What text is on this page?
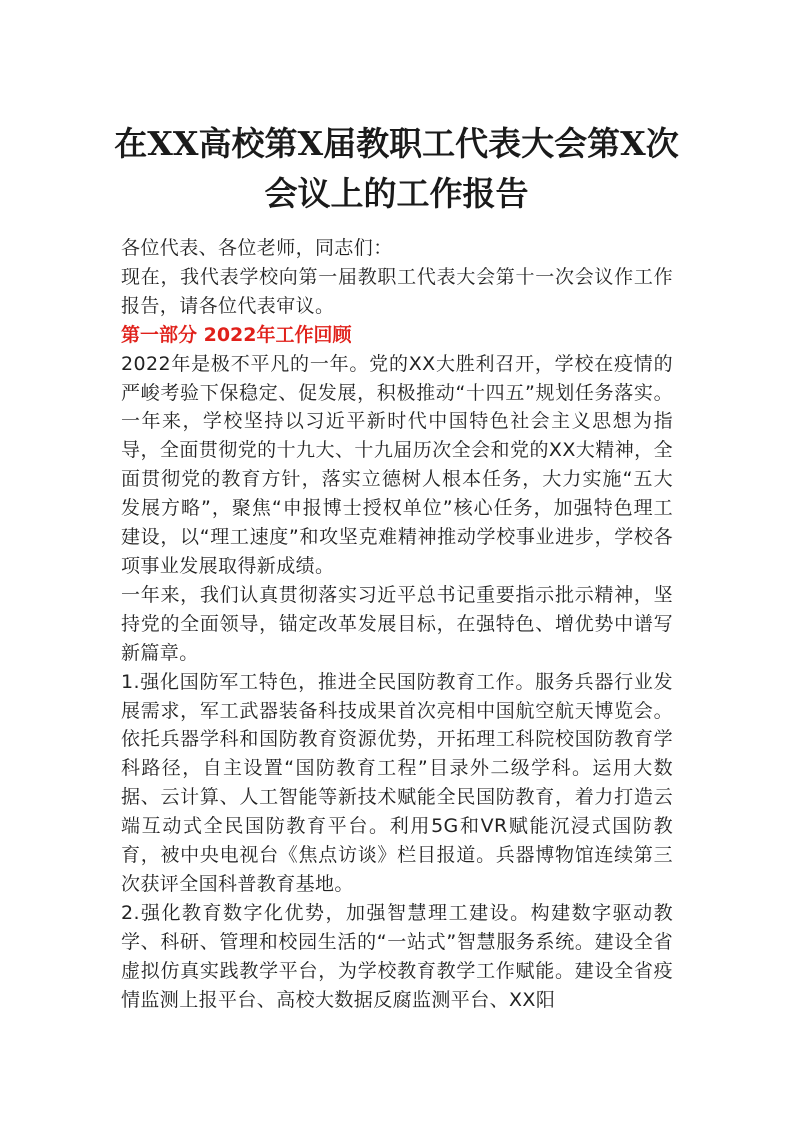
在XX高校第X届教职工代表大会第X次
会议上的工作报告

各位代表、各位老师，同志们：

现在，我代表学校向第一届教职工代表大会第十一次会议作工作报告，请各位代表审议。

第一部分 2022年工作回顾

2022年是极不平凡的一年。党的XX大胜利召开，学校在疫情的严峻考验下保稳定、促发展，积极推动“十四五”规划任务落实。一年来，学校坚持以习近平新时代中国特色社会主义思想为指导，全面贯彻党的十九大、十九届历次全会和党的XX大精神，全面贯彻党的教育方针，落实立德树人根本任务，大力实施“五大发展方略”，聚焦“申报博士授权单位”核心任务，加强特色理工建设，以“理工速度”和攻坚克难精神推动学校事业进步，学校各项事业发展取得新成绩。

一年来，我们认真贯彻落实习近平总书记重要指示批示精神，坚持党的全面领导，锚定改革发展目标，在强特色、增优势中谱写新篇章。

1.强化国防军工特色，推进全民国防教育工作。服务兵器行业发展需求，军工武器装备科技成果首次亮相中国航空航天博览会。依托兵器学科和国防教育资源优势，开拓理工科院校国防教育学科路径，自主设置“国防教育工程”目录外二级学科。运用大数据、云计算、人工智能等新技术赋能全民国防教育，着力打造云端互动式全民国防教育平台。利用5G和VR赋能沉浸式国防教育，被中央电视台《焦点访谈》栏目报道。兵器博物馆连续第三次获评全国科普教育基地。

2.强化教育数字化优势，加强智慧理工建设。构建数字驱动教学、科研、管理和校园生活的“一站式”智慧服务系统。建设全省虚拟仿真实践教学平台，为学校教育教学工作赋能。建设全省疫情监测上报平台、高校大数据反腐监测平台、XX阳
